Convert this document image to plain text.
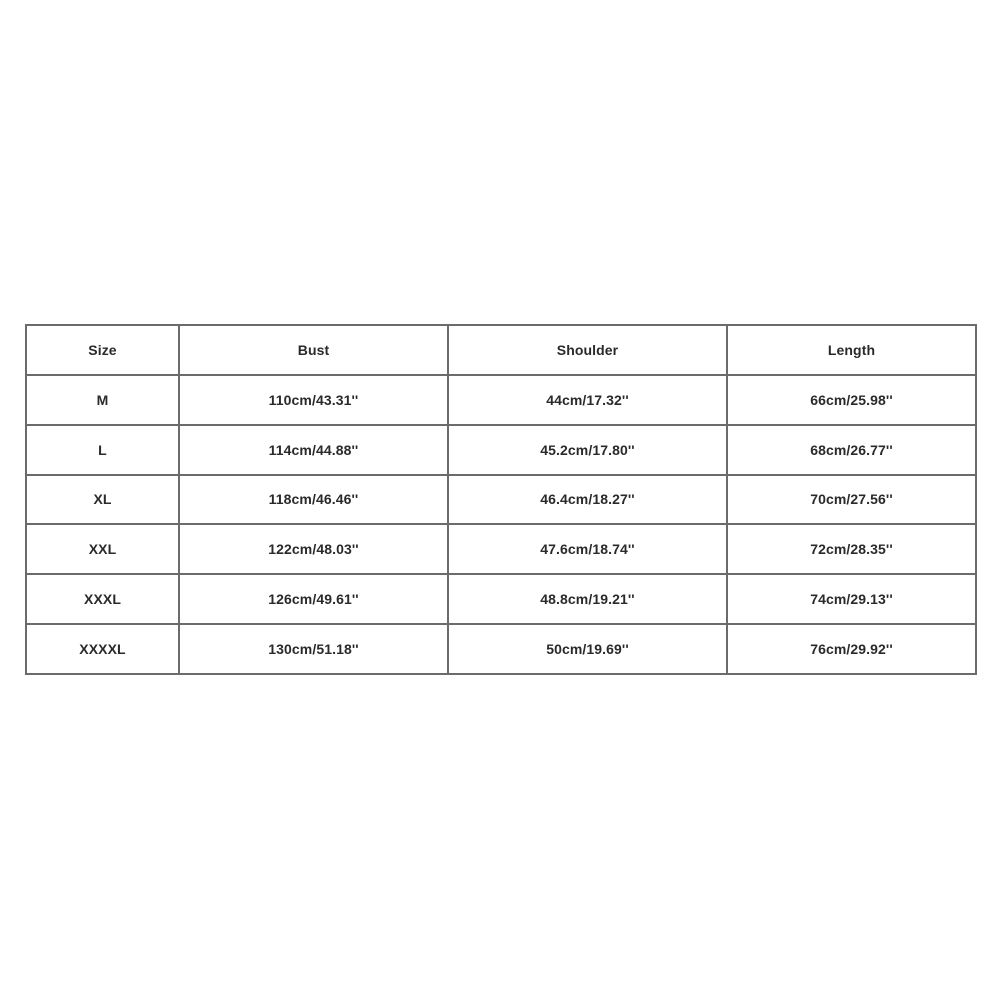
Size	Bust	Shoulder	Length
M	110cm/43.31''	44cm/17.32''	66cm/25.98''
L	114cm/44.88''	45.2cm/17.80''	68cm/26.77''
XL	118cm/46.46''	46.4cm/18.27''	70cm/27.56''
XXL	122cm/48.03''	47.6cm/18.74''	72cm/28.35''
XXXL	126cm/49.61''	48.8cm/19.21''	74cm/29.13''
XXXXL	130cm/51.18''	50cm/19.69''	76cm/29.92''
